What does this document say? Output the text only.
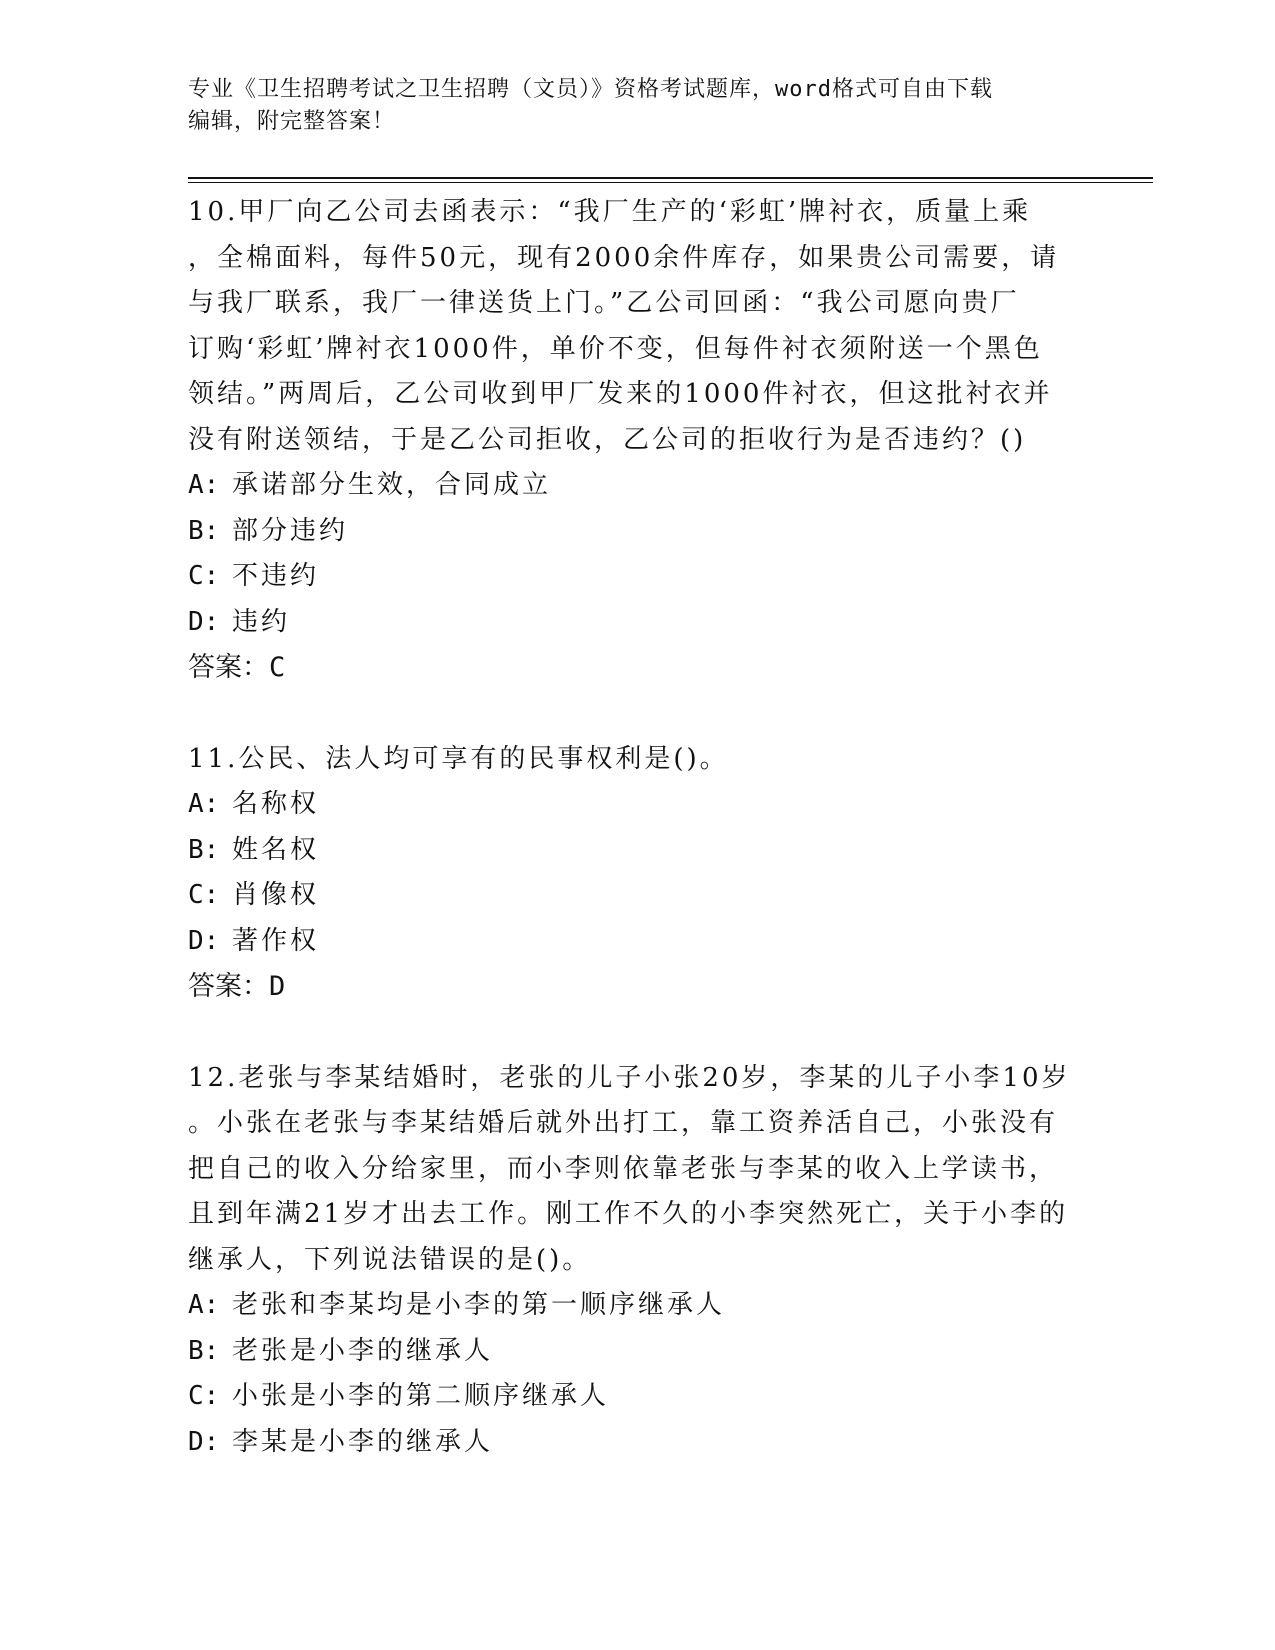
专业《卫生招聘考试之卫生招聘（文员）》资格考试题库，word格式可自由下载
编辑，附完整答案！
10.甲厂向乙公司去函表示：“我厂生产的‘彩虹’牌衬衣，质量上乘
，全棉面料，每件50元，现有2000余件库存，如果贵公司需要，请
与我厂联系，我厂一律送货上门。”乙公司回函：“我公司愿向贵厂
订购‘彩虹’牌衬衣1000件，单价不变，但每件衬衣须附送一个黑色
领结。”两周后，乙公司收到甲厂发来的1000件衬衣，但这批衬衣并
没有附送领结，于是乙公司拒收，乙公司的拒收行为是否违约？()
A: 承诺部分生效，合同成立
B: 部分违约
C: 不违约
D: 违约
答案：C
11.公民、法人均可享有的民事权利是()。
A: 名称权
B: 姓名权
C: 肖像权
D: 著作权
答案：D
12.老张与李某结婚时，老张的儿子小张20岁，李某的儿子小李10岁
。小张在老张与李某结婚后就外出打工，靠工资养活自己，小张没有
把自己的收入分给家里，而小李则依靠老张与李某的收入上学读书，
且到年满21岁才出去工作。刚工作不久的小李突然死亡，关于小李的
继承人，下列说法错误的是()。
A: 老张和李某均是小李的第一顺序继承人
B: 老张是小李的继承人
C: 小张是小李的第二顺序继承人
D: 李某是小李的继承人
